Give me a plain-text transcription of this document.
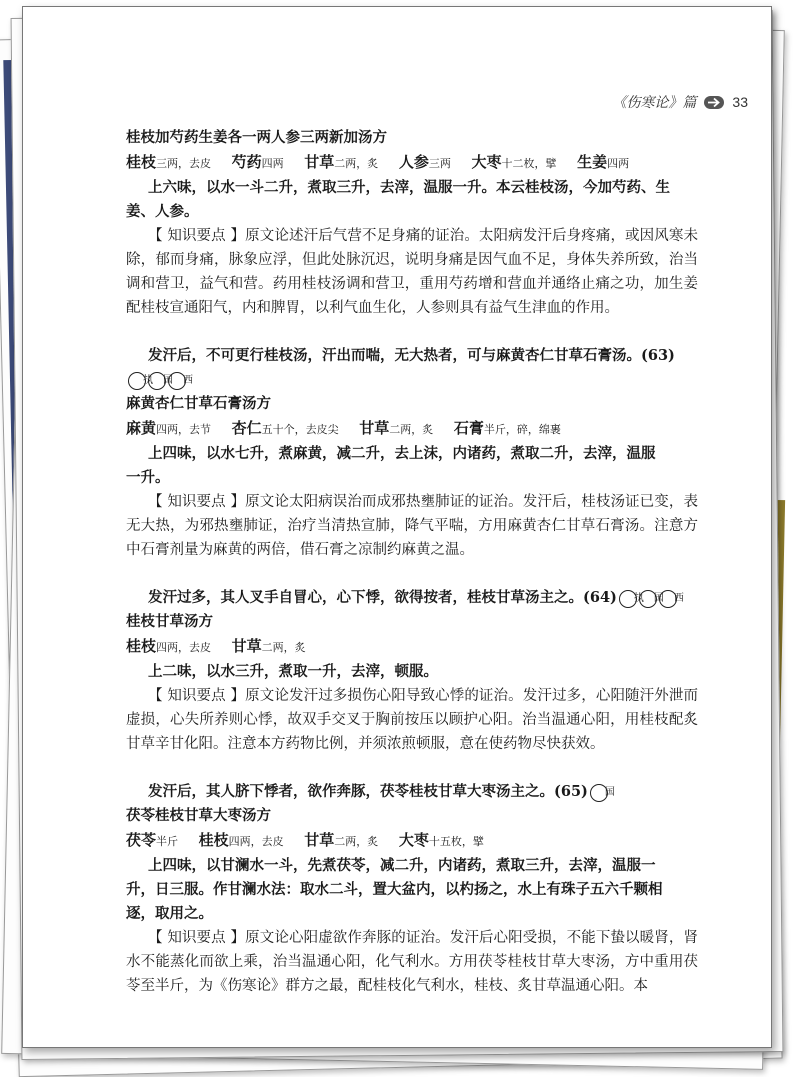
《伤寒论》篇	33
桂枝加芍药生姜各一两人参三两新加汤方
桂枝三两，去皮 芍药四两 甘草二两，炙 人参三两 大枣十二枚，擘 生姜四两
上六味，以水一斗二升，煮取三升，去滓，温服一升。本云桂枝汤，今加芍药、生
姜、人参。

【 知识要点 】原文论述汗后气营不足身痛的证治。太阳病发汗后身疼痛，或因风寒未除，郁而身痛，脉象应浮，但此处脉沉迟，说明身痛是因气血不足，身体失养所致，治当调和营卫，益气和营。药用桂枝汤调和营卫，重用芍药增和营血并通络止痛之功，加生姜配桂枝宣通阳气，内和脾胃，以利气血生化，人参则具有益气生津血的作用。

发汗后，不可更行桂枝汤，汗出而喘，无大热者，可与麻黄杏仁甘草石膏汤。(63)
执 国 西

麻黄杏仁甘草石膏汤方
麻黄四两，去节 杏仁五十个，去皮尖 甘草二两，炙 石膏半斤，碎，绵裹
上四味，以水七升，煮麻黄，减二升，去上沫，内诸药，煮取二升，去滓，温服
一升。

【 知识要点 】原文论太阳病误治而成邪热壅肺证的证治。发汗后，桂枝汤证已变，表无大热，为邪热壅肺证，治疗当清热宣肺，降气平喘，方用麻黄杏仁甘草石膏汤。注意方中石膏剂量为麻黄的两倍，借石膏之凉制约麻黄之温。

发汗过多，其人叉手自冒心，心下悸，欲得按者，桂枝甘草汤主之。(64) 执 国 西
桂枝甘草汤方
桂枝四两，去皮 甘草二两，炙
上二味，以水三升，煮取一升，去滓，顿服。

【 知识要点 】原文论发汗过多损伤心阳导致心悸的证治。发汗过多，心阳随汗外泄而虚损，心失所养则心悸，故双手交叉于胸前按压以顾护心阳。治当温通心阳，用桂枝配炙甘草辛甘化阳。注意本方药物比例，并须浓煎顿服，意在使药物尽快获效。

发汗后，其人脐下悸者，欲作奔豚，茯苓桂枝甘草大枣汤主之。(65) 国
茯苓桂枝甘草大枣汤方
茯苓半斤 桂枝四两，去皮 甘草二两，炙 大枣十五枚，擘
上四味，以甘澜水一斗，先煮茯苓，减二升，内诸药，煮取三升，去滓，温服一
升，日三服。作甘澜水法：取水二斗，置大盆内，以杓扬之，水上有珠子五六千颗相
逐，取用之。

【 知识要点 】原文论心阳虚欲作奔豚的证治。发汗后心阳受损，不能下蛰以暖肾，肾水不能蒸化而欲上乘，治当温通心阳，化气利水。方用茯苓桂枝甘草大枣汤，方中重用茯苓至半斤，为《伤寒论》群方之最，配桂枝化气利水，桂枝、炙甘草温通心阳。本
